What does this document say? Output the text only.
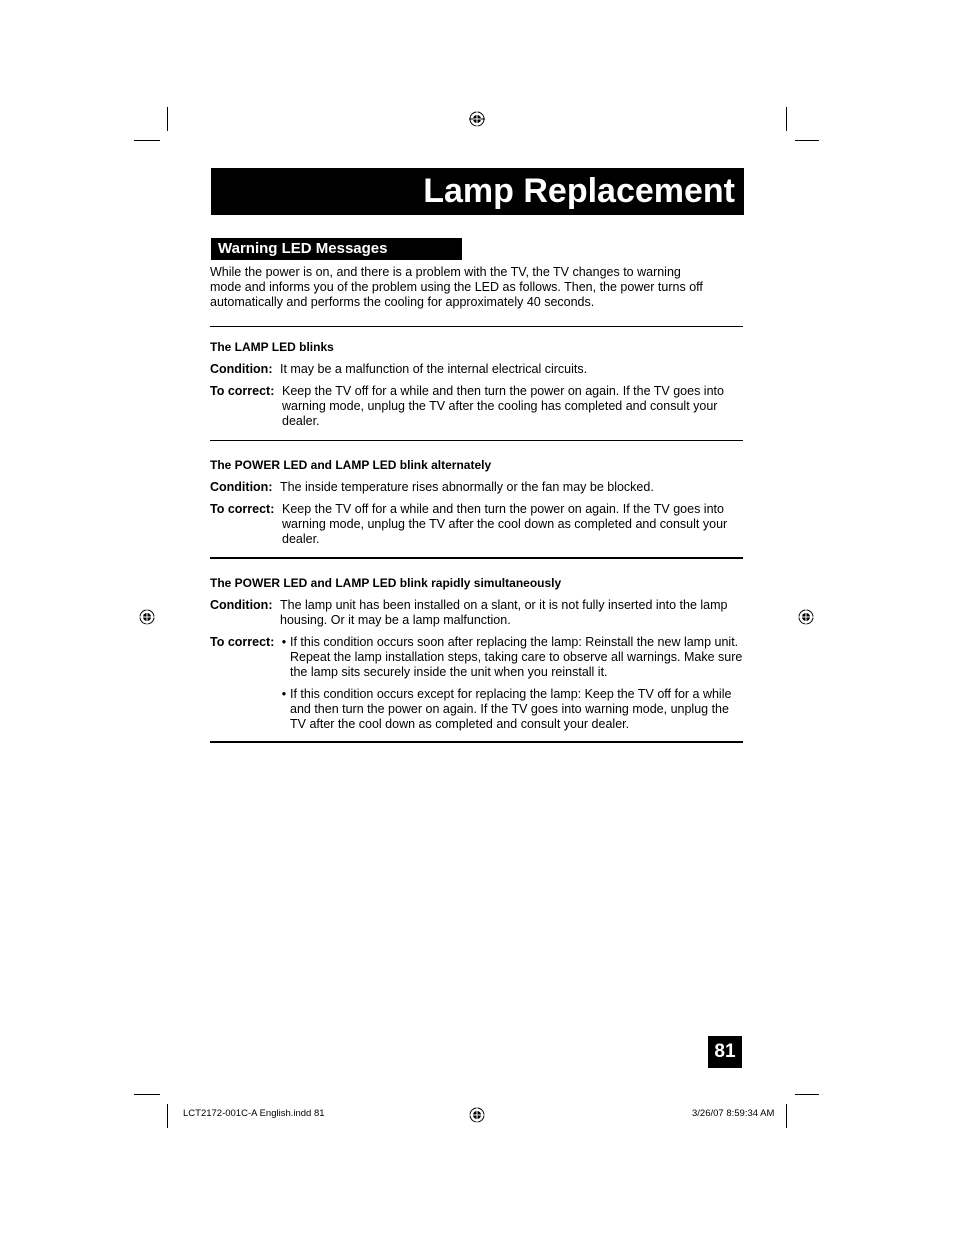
Lamp Replacement
Warning LED Messages
While the power is on, and there is a problem with the TV, the TV changes to warning
mode and informs you of the problem using the LED as follows. Then, the power turns off
automatically and performs the cooling for approximately 40 seconds.
The LAMP LED blinks
Condition: It may be a malfunction of the internal electrical circuits.
To correct: Keep the TV off for a while and then turn the power on again. If the TV goes into warning mode, unplug the TV after the cooling has completed and consult your dealer.
The POWER LED and LAMP LED blink alternately
Condition: The inside temperature rises abnormally or the fan may be blocked.
To correct: Keep the TV off for a while and then turn the power on again. If the TV goes into warning mode, unplug the TV after the cool down as completed and consult your dealer.
The POWER LED and LAMP LED blink rapidly simultaneously
Condition: The lamp unit has been installed on a slant, or it is not fully inserted into the lamp housing. Or it may be a lamp malfunction.
To correct: • If this condition occurs soon after replacing the lamp: Reinstall the new lamp unit. Repeat the lamp installation steps, taking care to observe all warnings. Make sure the lamp sits securely inside the unit when you reinstall it.
• If this condition occurs except for replacing the lamp: Keep the TV off for a while and then turn the power on again. If the TV goes into warning mode, unplug the TV after the cool down as completed and consult your dealer.
81
LCT2172-001C-A English.indd 81	3/26/07 8:59:34 AM
